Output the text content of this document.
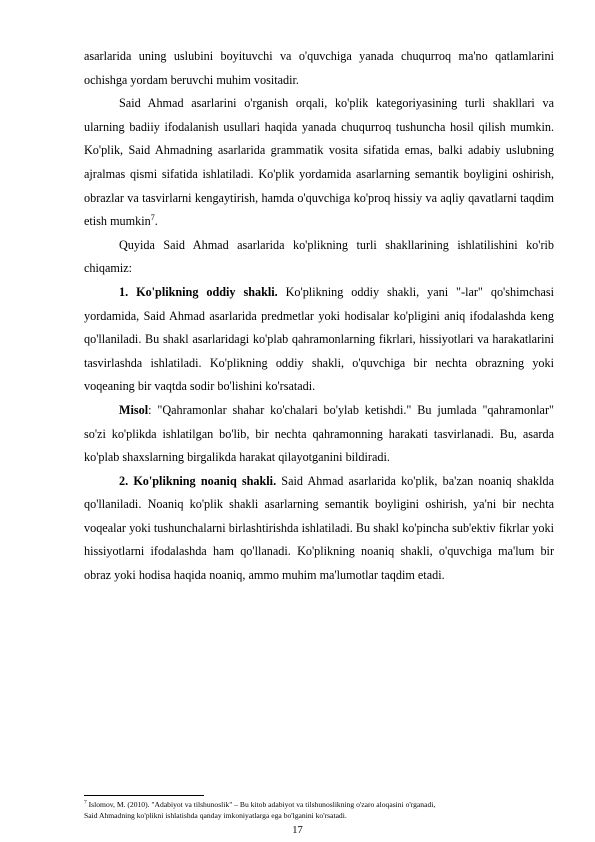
asarlarida uning uslubini boyituvchi va o'quvchiga yanada chuqurroq ma'no qatlamlarini ochishga yordam beruvchi muhim vositadir.

Said Ahmad asarlarini o'rganish orqali, ko'plik kategoriyasining turli shakllari va ularning badiiy ifodalanish usullari haqida yanada chuqurroq tushuncha hosil qilish mumkin. Ko'plik, Said Ahmadning asarlarida grammatik vosita sifatida emas, balki adabiy uslubning ajralmas qismi sifatida ishlatiladi. Ko'plik yordamida asarlarning semantik boyligini oshirish, obrazlar va tasvirlarni kengaytirish, hamda o'quvchiga ko'proq hissiy va aqliy qavatlarni taqdim etish mumkin$^7$.

Quyida Said Ahmad asarlarida ko'plikning turli shakllarining ishlatilishini ko'rib chiqamiz:

1. Ko'plikning oddiy shakli. Ko'plikning oddiy shakli, yani "-lar" qo'shimchasi yordamida, Said Ahmad asarlarida predmetlar yoki hodisalar ko'pligini aniq ifodalashda keng qo'llaniladi. Bu shakl asarlaridagi ko'plab qahramonlarning fikrlari, hissiyotlari va harakatlarini tasvirlashda ishlatiladi. Ko'plikning oddiy shakli, o'quvchiga bir nechta obrazning yoki voqeaning bir vaqtda sodir bo'lishini ko'rsatadi.

Misol: "Qahramonlar shahar ko'chalari bo'ylab ketishdi." Bu jumlada "qahramonlar" so'zi ko'plikda ishlatilgan bo'lib, bir nechta qahramonning harakati tasvirlanadi. Bu, asarda ko'plab shaxslarning birgalikda harakat qilayotganini bildiradi.

2. Ko'plikning noaniq shakli. Said Ahmad asarlarida ko'plik, ba'zan noaniq shaklda qo'llaniladi. Noaniq ko'plik shakli asarlarning semantik boyligini oshirish, ya'ni bir nechta voqealar yoki tushunchalarni birlashtirishda ishlatiladi. Bu shakl ko'pincha sub'ektiv fikrlar yoki hissiyotlarni ifodalashda ham qo'llanadi. Ko'plikning noaniq shakli, o'quvchiga ma'lum bir obraz yoki hodisa haqida noaniq, ammo muhim ma'lumotlar taqdim etadi.

$^7$ Islomov, M. (2010). "Adabiyot va tilshunoslik" – Bu kitob adabiyot va tilshunoslikning o'zaro aloqasini o'rganadi,
Said Ahmadning ko'plikni ishlatishda qanday imkoniyatlarga ega bo'lganini ko'rsatadi.
17
